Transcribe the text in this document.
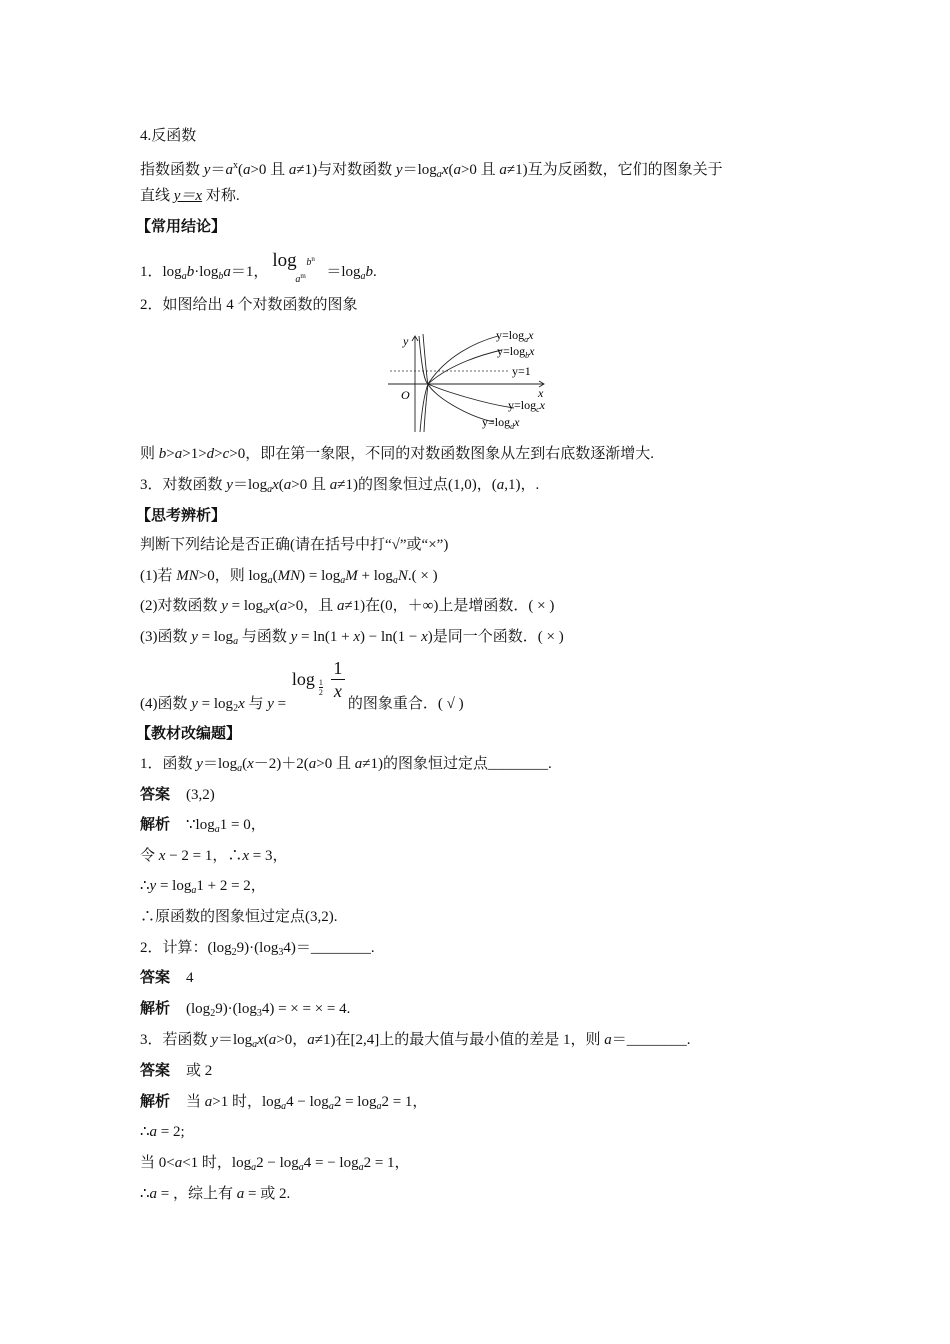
4.反函数
指数函数 $y=a^x(a>0$ 且 a≠1)与对数函数 $y=\log_ax(a>0$ 且 a≠1)互为反函数，它们的图象关于
直线 y＝x 对称.
【常用结论】
1．$\log_ab\cdot\log_ba=1$，
log
$a^m$
$b^n$
$=\log_ab$.
2．如图给出 4 个对数函数的图象
y
x
O
y=1
$y=\log_ax$
$y=\log_bx$
$y=\log_cx$
$y=\log_dx$
则 b>a>1>d>c>0，即在第一象限，不同的对数函数图象从左到右底数逐渐增大.
3．对数函数 $y=\log_ax(a>0$ 且 a≠1)的图象恒过点(1,0)，(a,1)，.
【思考辨析】
判断下列结论是否正确(请在括号中打“√”或“×”)
(1)若 MN>0，则 $\log_a(MN) = \log_aM + \log_aN$.( × )
(2)对数函数 $y = \log_ax(a>0$，且 a≠1)在(0，＋∞)上是增函数．( × )
(3)函数 $y = \log_a$ 与函数 y = ln(1 + x) − ln(1 − x)是同一个函数．( × )
(4)函数 $y = \log_2x$ 与 y =
log 1
2
1
x
的图象重合．( √ )
【教材改编题】
1．函数 $y=\log_a(x-2)+2(a>0$ 且 a≠1)的图象恒过定点________.
答案 (3,2)
解析 $\because\log_a1 = 0$，
令 x − 2 = 1，∴x = 3，
∴y = $\log_a1 + 2 = 2$，
∴原函数的图象恒过定点(3,2).
2．计算：$(\log_29)\cdot(\log_34)=\_\_\_\_\_\_\_\_$.
答案 4
解析 $(\log_29)\cdot(\log_34)$ = × = × = 4.
3．若函数 $y=\log_ax(a>0$，a≠1)在[2,4]上的最大值与最小值的差是 1，则 a＝________.
答案 或 2
解析 当 a>1 时，$\log_a4 - \log_a2 = \log_a2 = 1$，
∴a = 2;
当 0<a<1 时，$\log_a2 - \log_a4$ = − $\log_a2 = 1$，
∴a = ，综上有 a = 或 2.
